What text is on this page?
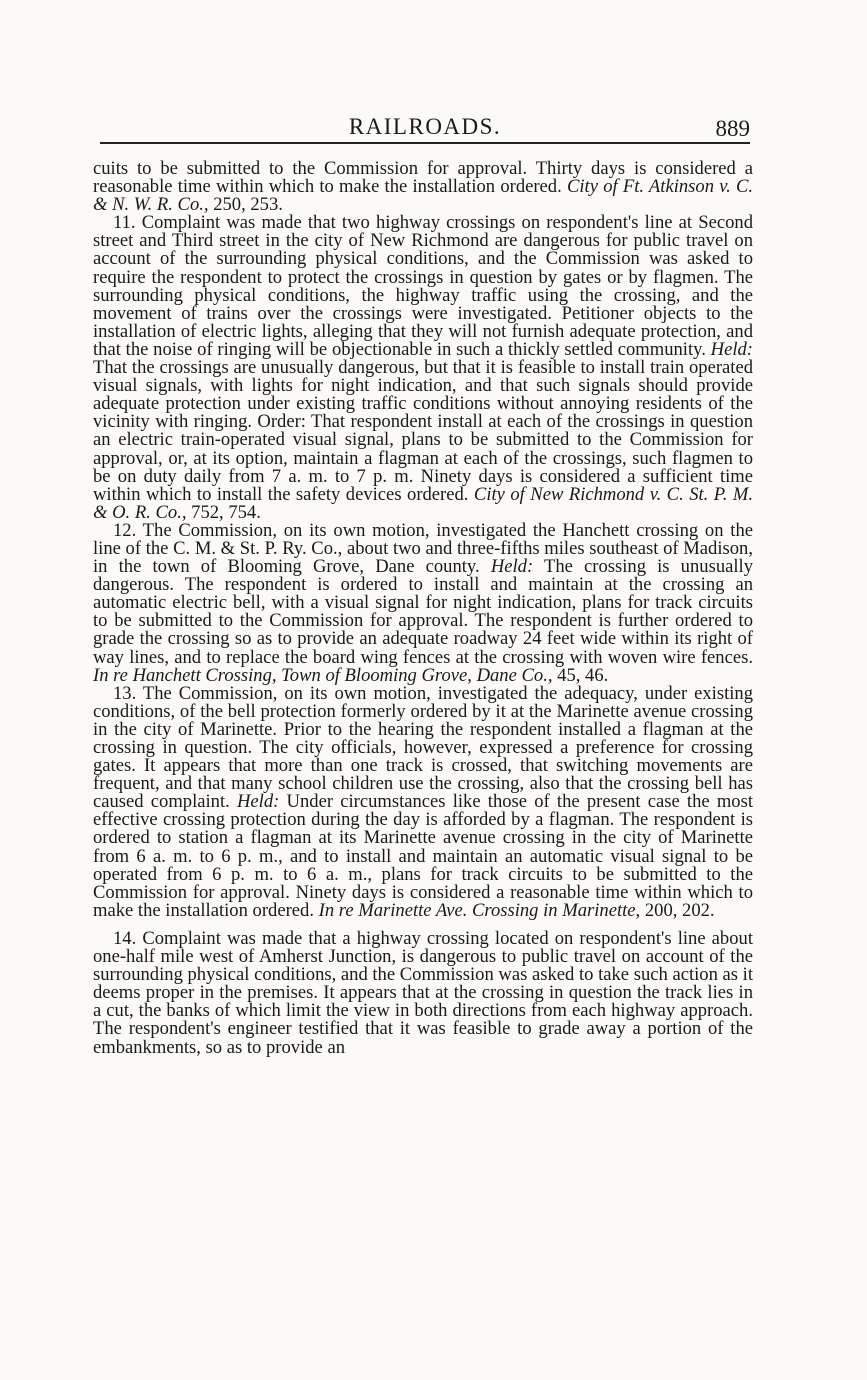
RAILROADS.	889

cuits to be submitted to the Commission for approval. Thirty days is considered a reasonable time within which to make the installation ordered. City of Ft. Atkinson v. C. & N. W. R. Co., 250, 253.

11. Complaint was made that two highway crossings on respondent's line at Second street and Third street in the city of New Richmond are dangerous for public travel on account of the surrounding physical conditions, and the Commission was asked to require the respondent to protect the crossings in question by gates or by flagmen. The surrounding physical conditions, the highway traffic using the crossing, and the movement of trains over the crossings were investigated. Petitioner objects to the installation of electric lights, alleging that they will not furnish adequate protection, and that the noise of ringing will be objectionable in such a thickly settled community. Held: That the crossings are unusually dangerous, but that it is feasible to install train operated visual signals, with lights for night indication, and that such signals should provide adequate protection under existing traffic conditions without annoying residents of the vicinity with ringing. Order: That respondent install at each of the crossings in question an electric train-operated visual signal, plans to be submitted to the Commission for approval, or, at its option, maintain a flagman at each of the crossings, such flagmen to be on duty daily from 7 a. m. to 7 p. m. Ninety days is considered a sufficient time within which to install the safety devices ordered. City of New Richmond v. C. St. P. M. & O. R. Co., 752, 754.

12. The Commission, on its own motion, investigated the Hanchett crossing on the line of the C. M. & St. P. Ry. Co., about two and three-fifths miles southeast of Madison, in the town of Blooming Grove, Dane county. Held: The crossing is unusually dangerous. The respondent is ordered to install and maintain at the crossing an automatic electric bell, with a visual signal for night indication, plans for track circuits to be submitted to the Commission for approval. The respondent is further ordered to grade the crossing so as to provide an adequate roadway 24 feet wide within its right of way lines, and to replace the board wing fences at the crossing with woven wire fences. In re Hanchett Crossing, Town of Blooming Grove, Dane Co., 45, 46.

13. The Commission, on its own motion, investigated the adequacy, under existing conditions, of the bell protection formerly ordered by it at the Marinette avenue crossing in the city of Marinette. Prior to the hearing the respondent installed a flagman at the crossing in question. The city officials, however, expressed a preference for crossing gates. It appears that more than one track is crossed, that switching movements are frequent, and that many school children use the crossing, also that the crossing bell has caused complaint. Held: Under circumstances like those of the present case the most effective crossing protection during the day is afforded by a flagman. The respondent is ordered to station a flagman at its Marinette avenue crossing in the city of Marinette from 6 a. m. to 6 p. m., and to install and maintain an automatic visual signal to be operated from 6 p. m. to 6 a. m., plans for track circuits to be submitted to the Commission for approval. Ninety days is considered a reasonable time within which to make the installation ordered. In re Marinette Ave. Crossing in Marinette, 200, 202.

14. Complaint was made that a highway crossing located on respondent's line about one-half mile west of Amherst Junction, is dangerous to public travel on account of the surrounding physical conditions, and the Commission was asked to take such action as it deems proper in the premises. It appears that at the crossing in question the track lies in a cut, the banks of which limit the view in both directions from each highway approach. The respondent's engineer testified that it was feasible to grade away a portion of the embankments, so as to provide an
